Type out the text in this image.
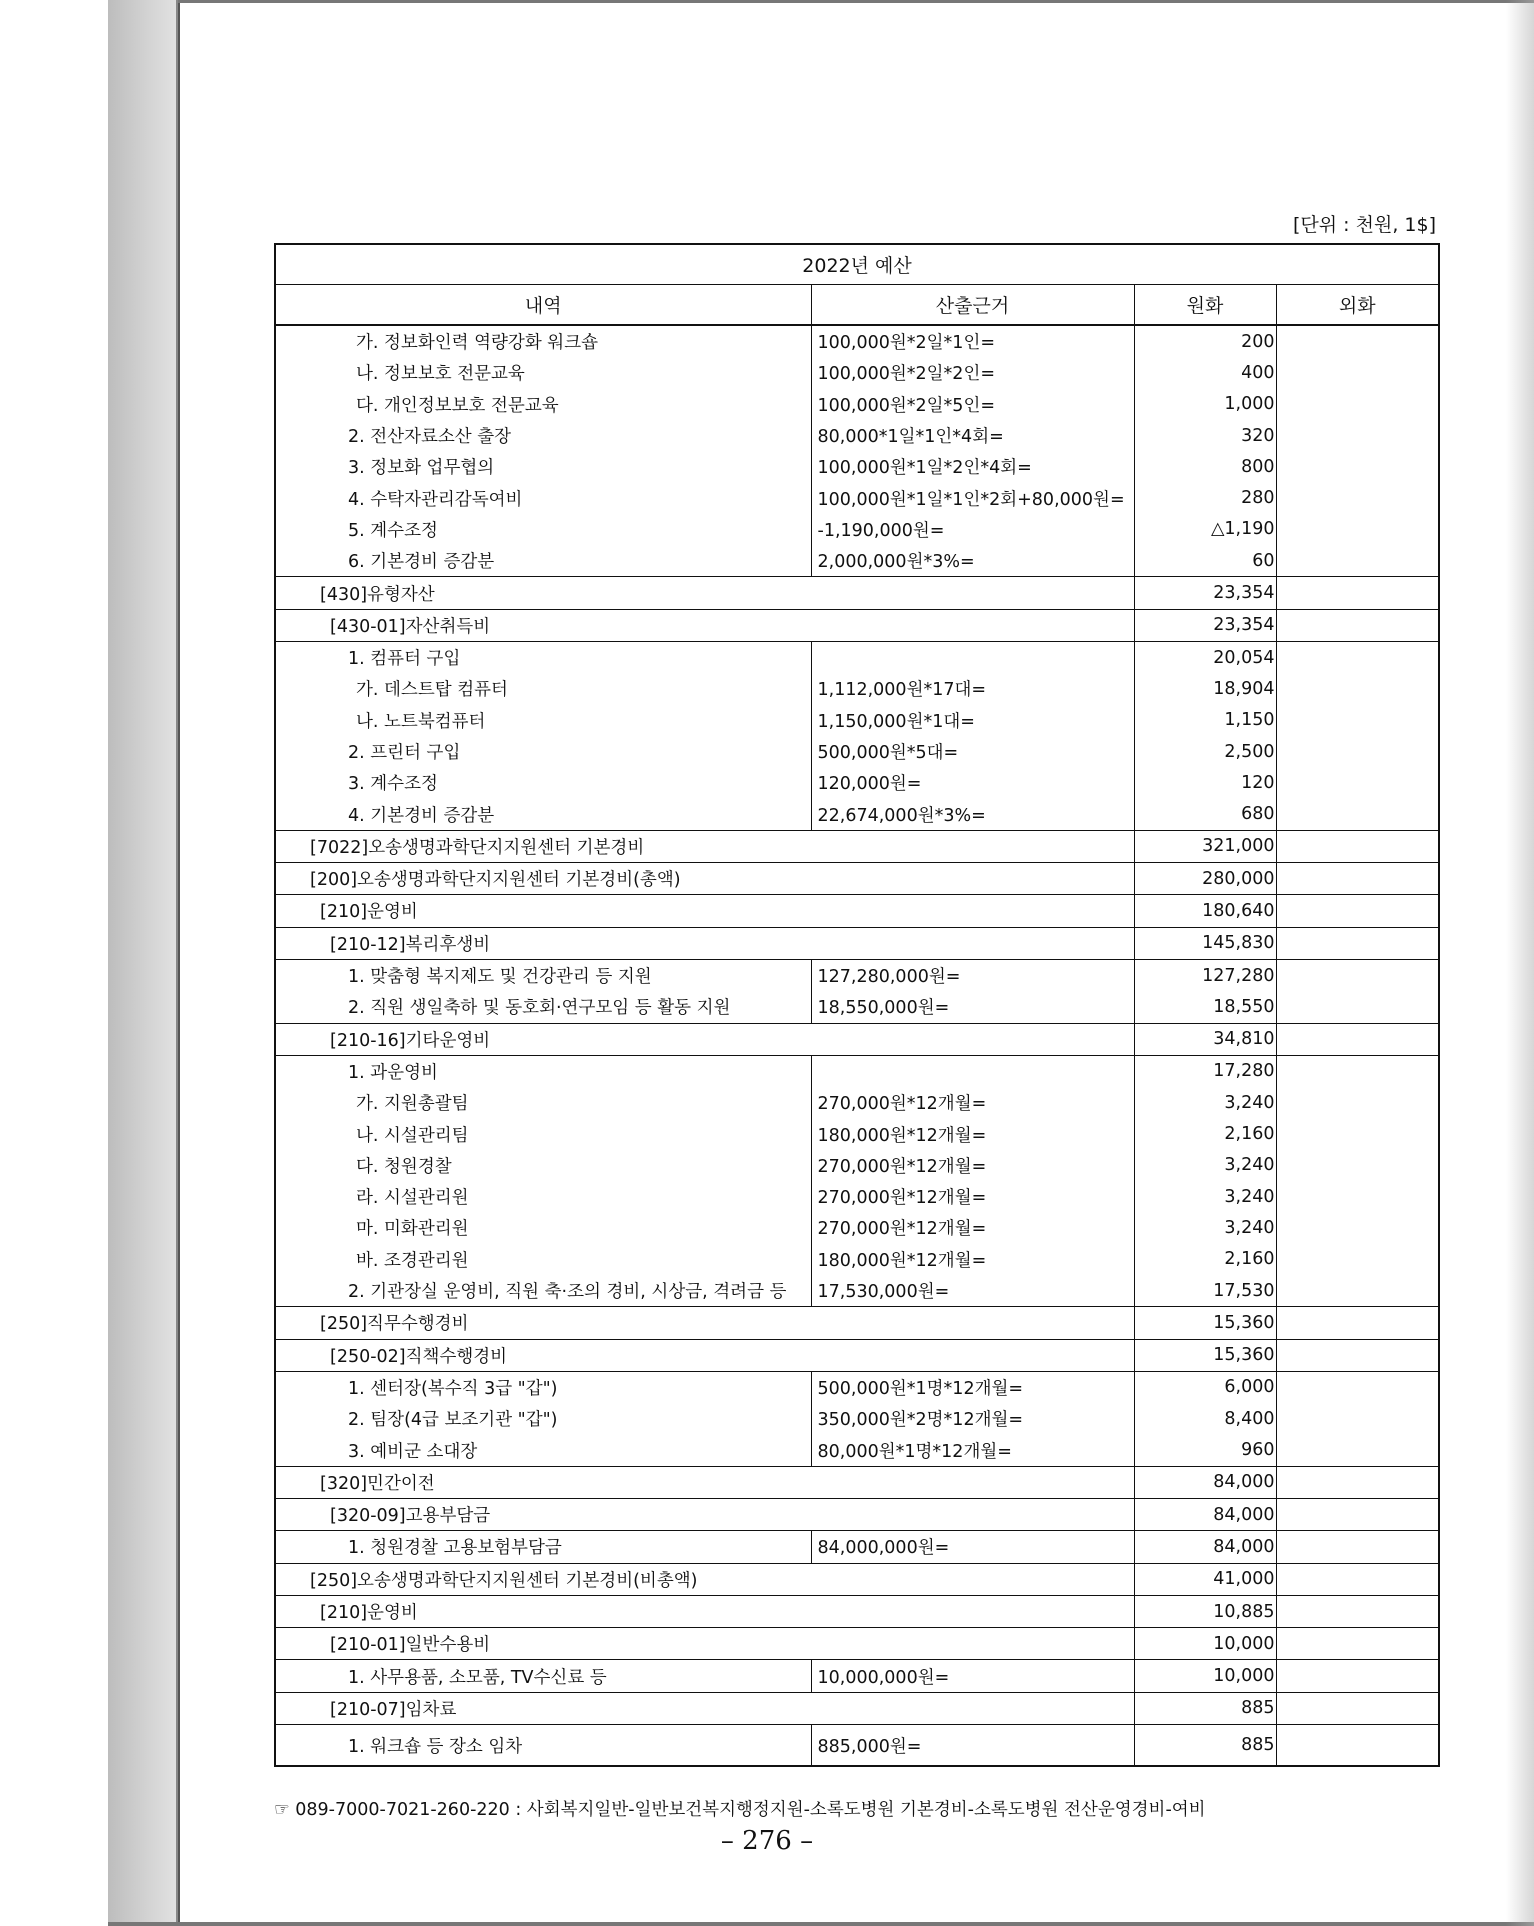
[단위 : 천원, 1$]
2022년 예산			
내역	산출근거	원화	외화
가. 정보화인력 역량강화 워크숍	100,000원*2일*1인=	200	
나. 정보보호 전문교육	100,000원*2일*2인=	400	
다. 개인정보보호 전문교육	100,000원*2일*5인=	1,000	
2. 전산자료소산 출장	80,000*1일*1인*4회=	320	
3. 정보화 업무협의	100,000원*1일*2인*4회=	800	
4. 수탁자관리감독여비	100,000원*1일*1인*2회+80,000원=	280	
5. 계수조정	-1,190,000원=	△1,190	
6. 기본경비 증감분	2,000,000원*3%=	60	
[430]유형자산		23,354	
[430-01]자산취득비		23,354	
1. 컴퓨터 구입		20,054	
가. 데스트탑 컴퓨터	1,112,000원*17대=	18,904	
나. 노트북컴퓨터	1,150,000원*1대=	1,150	
2. 프린터 구입	500,000원*5대=	2,500	
3. 계수조정	120,000원=	120	
4. 기본경비 증감분	22,674,000원*3%=	680	
[7022]오송생명과학단지지원센터 기본경비		321,000	
[200]오송생명과학단지지원센터 기본경비(총액)		280,000	
[210]운영비		180,640	
[210-12]복리후생비		145,830	
1. 맞춤형 복지제도 및 건강관리 등 지원	127,280,000원=	127,280	
2. 직원 생일축하 및 동호회·연구모임 등 활동 지원	18,550,000원=	18,550	
[210-16]기타운영비		34,810	
1. 과운영비		17,280	
가. 지원총괄팀	270,000원*12개월=	3,240	
나. 시설관리팀	180,000원*12개월=	2,160	
다. 청원경찰	270,000원*12개월=	3,240	
라. 시설관리원	270,000원*12개월=	3,240	
마. 미화관리원	270,000원*12개월=	3,240	
바. 조경관리원	180,000원*12개월=	2,160	
2. 기관장실 운영비, 직원 축·조의 경비, 시상금, 격려금 등	17,530,000원=	17,530	
[250]직무수행경비		15,360	
[250-02]직책수행경비		15,360	
1. 센터장(복수직 3급 "갑")	500,000원*1명*12개월=	6,000	
2. 팀장(4급 보조기관 "갑")	350,000원*2명*12개월=	8,400	
3. 예비군 소대장	80,000원*1명*12개월=	960	
[320]민간이전		84,000	
[320-09]고용부담금		84,000	
1. 청원경찰 고용보험부담금	84,000,000원=	84,000	
[250]오송생명과학단지지원센터 기본경비(비총액)		41,000	
[210]운영비		10,885	
[210-01]일반수용비		10,000	
1. 사무용품, 소모품, TV수신료 등	10,000,000원=	10,000	
[210-07]임차료		885	
1. 워크숍 등 장소 임차	885,000원=	885	
☞ 089-7000-7021-260-220 : 사회복지일반-일반보건복지행정지원-소록도병원 기본경비-소록도병원 전산운영경비-여비
– 276 –
